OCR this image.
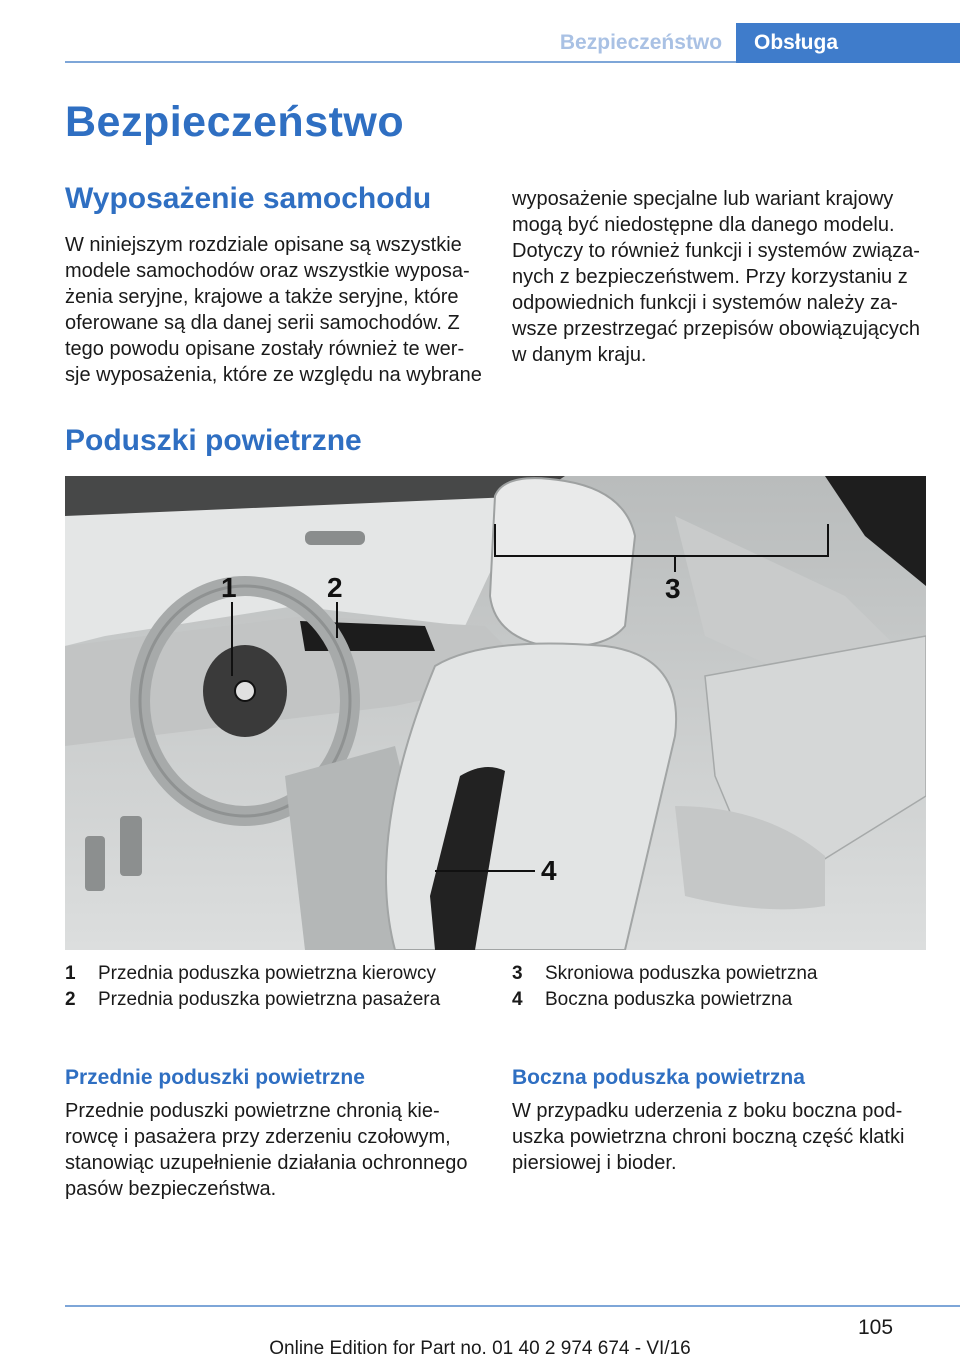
Bezpieczeństwo	Obsługa
Bezpieczeństwo
Wyposażenie samochodu
W niniejszym rozdziale opisane są wszystkie
modele samochodów oraz wszystkie wyposa-
żenia seryjne, krajowe a także seryjne, które
oferowane są dla danej serii samochodów. Z
tego powodu opisane zostały również te wer-
sje wyposażenia, które ze względu na wybrane
wyposażenie specjalne lub wariant krajowy
mogą być niedostępne dla danego modelu.
Dotyczy to również funkcji i systemów związa-
nych z bezpieczeństwem. Przy korzystaniu z
odpowiednich funkcji i systemów należy za-
wsze przestrzegać przepisów obowiązujących
w danym kraju.
Poduszki powietrzne
1	2	3
4
1	Przednia poduszka powietrzna kierowcy
2	Przednia poduszka powietrzna pasażera
3	Skroniowa poduszka powietrzna
4	Boczna poduszka powietrzna
Przednie poduszki powietrzne
Przednie poduszki powietrzne chronią kie-
rowcę i pasażera przy zderzeniu czołowym,
stanowiąc uzupełnienie działania ochronnego
pasów bezpieczeństwa.
Boczna poduszka powietrzna
W przypadku uderzenia z boku boczna pod-
uszka powietrzna chroni boczną część klatki
piersiowej i bioder.
105
Online Edition for Part no. 01 40 2 974 674 - VI/16
